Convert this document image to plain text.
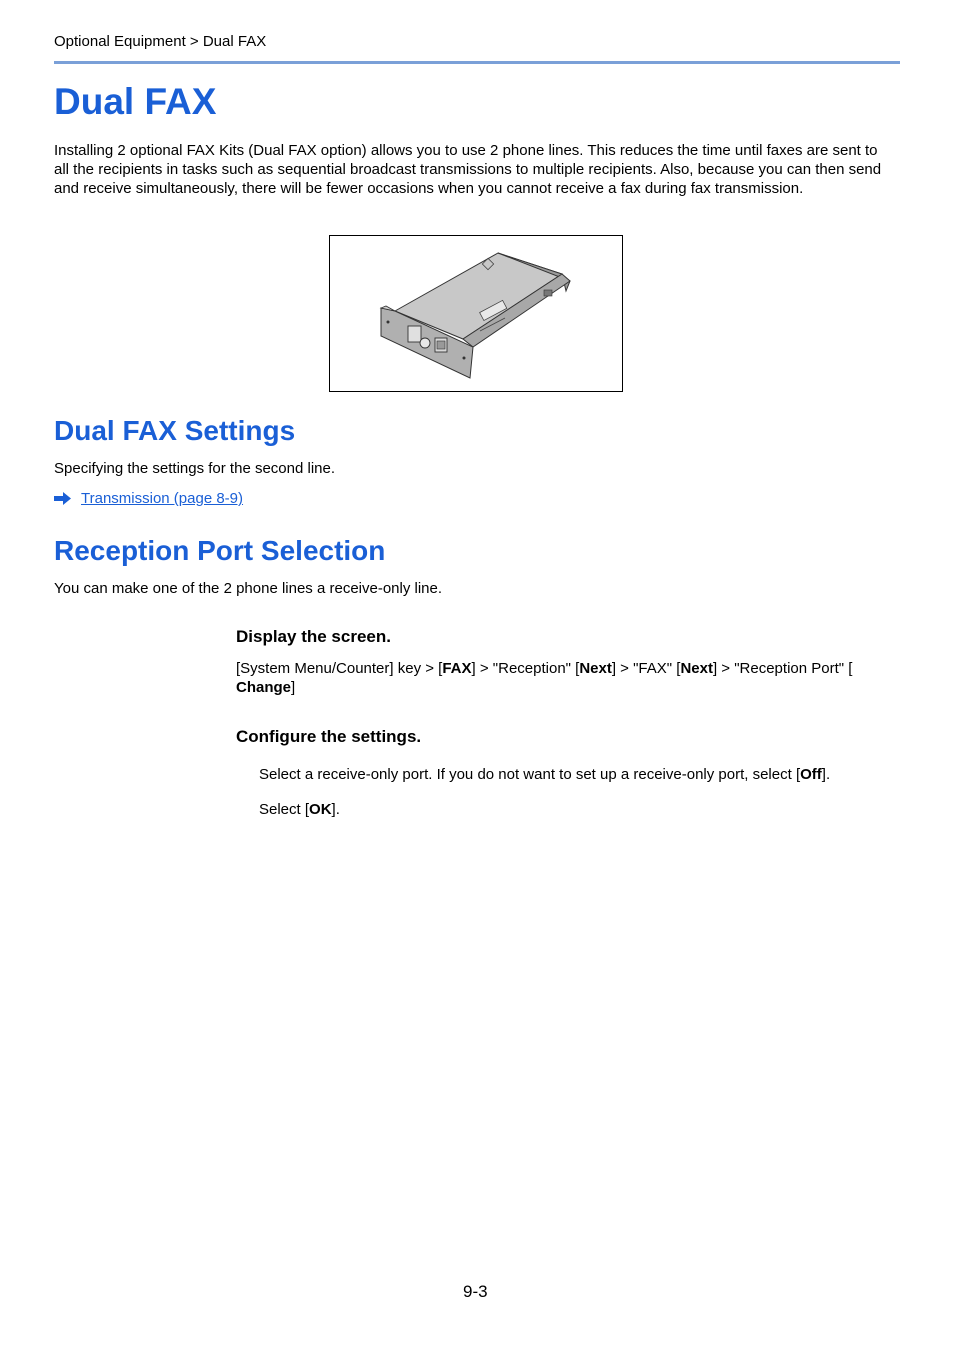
Optional Equipment > Dual FAX
Dual FAX

Installing 2 optional FAX Kits (Dual FAX option) allows you to use 2 phone lines. This reduces the time until faxes are sent to all the recipients in tasks such as sequential broadcast transmissions to multiple recipients. Also, because you can then send and receive simultaneously, there will be fewer occasions when you cannot receive a fax during fax transmission.

Dual FAX Settings

Specifying the settings for the second line.

Transmission (page 8-9)
Reception Port Selection

You can make one of the 2 phone lines a receive-only line.

Display the screen.

[System Menu/Counter] key > [FAX] > "Reception" [Next] > "FAX" [Next] > "Reception Port" [
Change]

Configure the settings.

Select a receive-only port. If you do not want to set up a receive-only port, select [Off].

Select [OK].

9-3
